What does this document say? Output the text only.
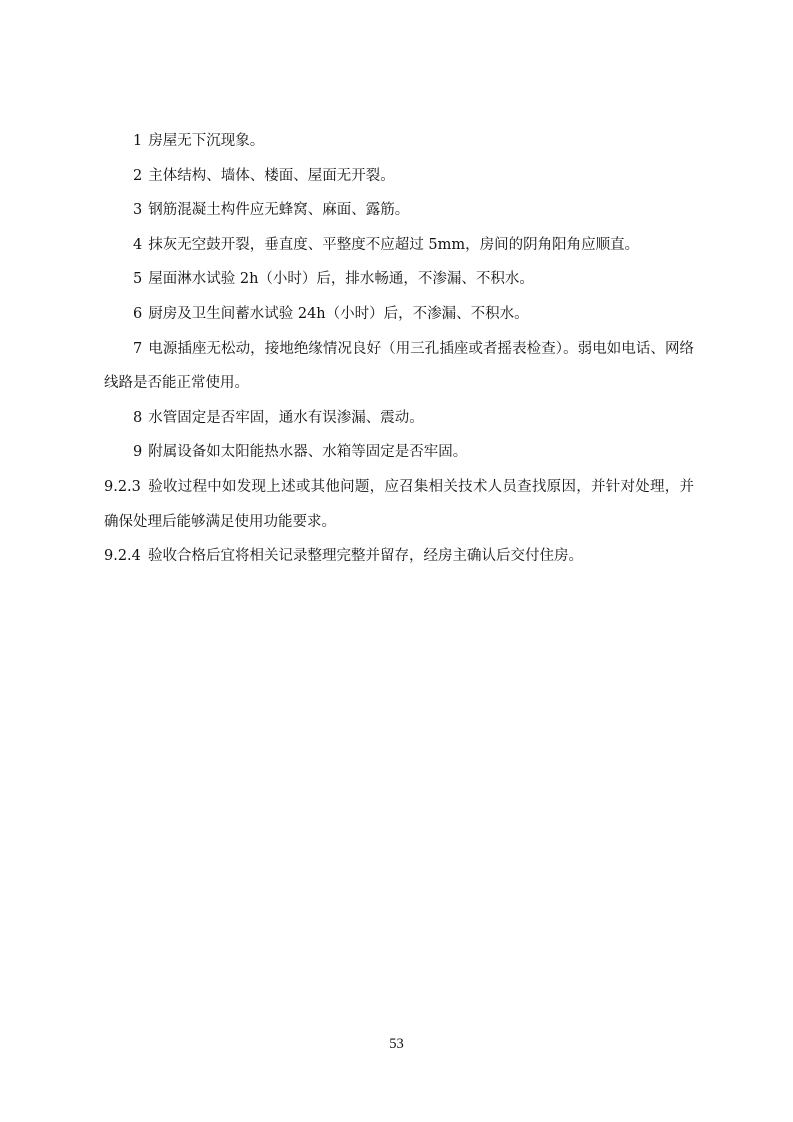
1 房屋无下沉现象。
2 主体结构、墙体、楼面、屋面无开裂。
3 钢筋混凝土构件应无蜂窝、麻面、露筋。
4 抹灰无空鼓开裂，垂直度、平整度不应超过 5mm，房间的阴角阳角应顺直。
5 屋面淋水试验 2h（小时）后，排水畅通，不渗漏、不积水。
6 厨房及卫生间蓄水试验 24h（小时）后，不渗漏、不积水。
7 电源插座无松动，接地绝缘情况良好（用三孔插座或者摇表检查）。弱电如电话、网络线路是否能正常使用。
8 水管固定是否牢固，通水有误渗漏、震动。
9 附属设备如太阳能热水器、水箱等固定是否牢固。
9.2.3 验收过程中如发现上述或其他问题，应召集相关技术人员查找原因，并针对处理，并确保处理后能够满足使用功能要求。
9.2.4 验收合格后宜将相关记录整理完整并留存，经房主确认后交付住房。
53
